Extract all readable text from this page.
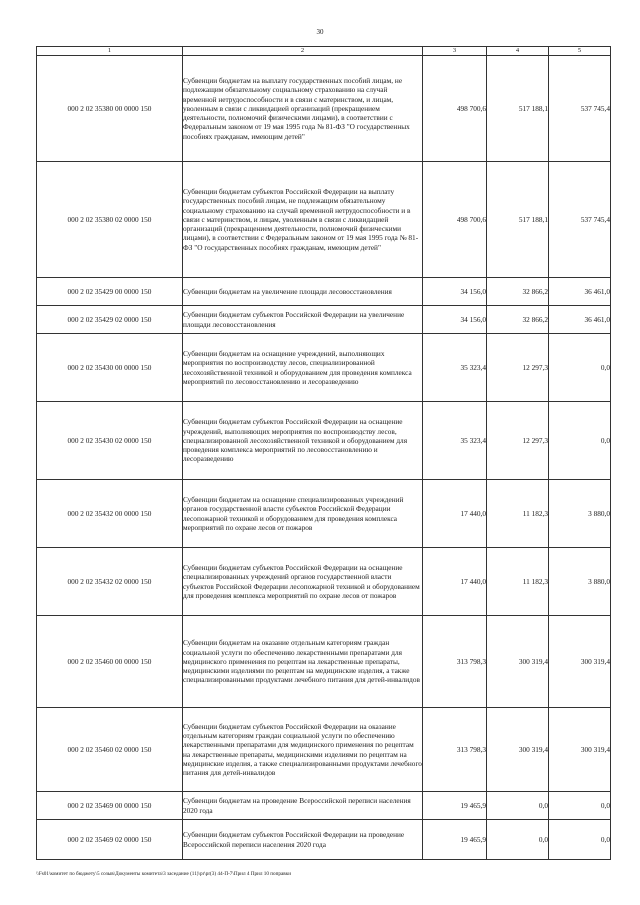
30
1	2	3	4	5
000 2 02 35380 00 0000 150	Субвенции бюджетам на выплату государственных пособий лицам, не подлежащим обязательному социальному страхованию на случай временной нетрудоспособности и в связи с материнством, и лицам, уволенным в связи с ликвидацией организаций (прекращением деятельности, полномочий физическими лицами), в соответствии с Федеральным законом от 19 мая 1995 года № 81-ФЗ "О государственных пособиях гражданам, имеющим детей"	498 700,6	517 188,1	537 745,4
000 2 02 35380 02 0000 150	Субвенции бюджетам субъектов Российской Федерации на выплату государственных пособий лицам, не подлежащим обязательному социальному страхованию на случай временной нетрудоспособности и в связи с материнством, и лицам, уволенным в связи с ликвидацией организаций (прекращением деятельности, полномочий физическими лицами), в соответствии с Федеральным законом от 19 мая 1995 года № 81-ФЗ "О государственных пособиях гражданам, имеющим детей"	498 700,6	517 188,1	537 745,4
000 2 02 35429 00 0000 150	Субвенции бюджетам на увеличение площади лесовосстановления	34 156,0	32 866,2	36 461,0
000 2 02 35429 02 0000 150	Субвенции бюджетам субъектов Российской Федерации на увеличение площади лесовосстановления	34 156,0	32 866,2	36 461,0
000 2 02 35430 00 0000 150	Субвенции бюджетам на оснащение учреждений, выполняющих мероприятия по воспроизводству лесов, специализированной лесохозяйственной техникой и оборудованием для проведения комплекса мероприятий по лесовосстановлению и лесоразведению	35 323,4	12 297,3	0,0
000 2 02 35430 02 0000 150	Субвенции бюджетам субъектов Российской Федерации на оснащение учреждений, выполняющих мероприятия по воспроизводству лесов, специализированной лесохозяйственной техникой и оборудованием для проведения комплекса мероприятий по лесовосстановлению и лесоразведению	35 323,4	12 297,3	0,0
000 2 02 35432 00 0000 150	Субвенции бюджетам на оснащение специализированных учреждений органов государственной власти субъектов Российской Федерации лесопожарной техникой и оборудованием для проведения комплекса мероприятий по охране лесов от пожаров	17 440,0	11 182,3	3 880,0
000 2 02 35432 02 0000 150	Субвенции бюджетам субъектов Российской Федерации на оснащение специализированных учреждений органов государственной власти субъектов Российской Федерации лесопожарной техникой и оборудованием для проведения комплекса мероприятий по охране лесов от пожаров	17 440,0	11 182,3	3 880,0
000 2 02 35460 00 0000 150	Субвенции бюджетам на оказание отдельным категориям граждан социальной услуги по обеспечению лекарственными препаратами для медицинского применения по рецептам на лекарственные препараты, медицинскими изделиями по рецептам на медицинские изделия, а также специализированными продуктами лечебного питания для детей-инвалидов	313 798,3	300 319,4	300 319,4
000 2 02 35460 02 0000 150	Субвенции бюджетам субъектов Российской Федерации на оказание отдельным категориям граждан социальной услуги по обеспечению лекарственными препаратами для медицинского применения по рецептам на лекарственные препараты, медицинскими изделиями по рецептам на медицинские изделия, а также специализированными продуктами лечебного питания для детей-инвалидов	313 798,3	300 319,4	300 319,4
000 2 02 35469 00 0000 150	Субвенции бюджетам на проведение Всероссийской переписи населения 2020 года	19 465,9	0,0	0,0
000 2 02 35469 02 0000 150	Субвенции бюджетам субъектов Российской Федерации на проведение Всероссийской переписи населения 2020 года	19 465,9	0,0	0,0
\\Fs01\комитет по бюджету\5 созыв\Документы комитета\3 заседание (11)\pr\pr(3) 44-П-7\Прил 4 Прил 10 поправки
